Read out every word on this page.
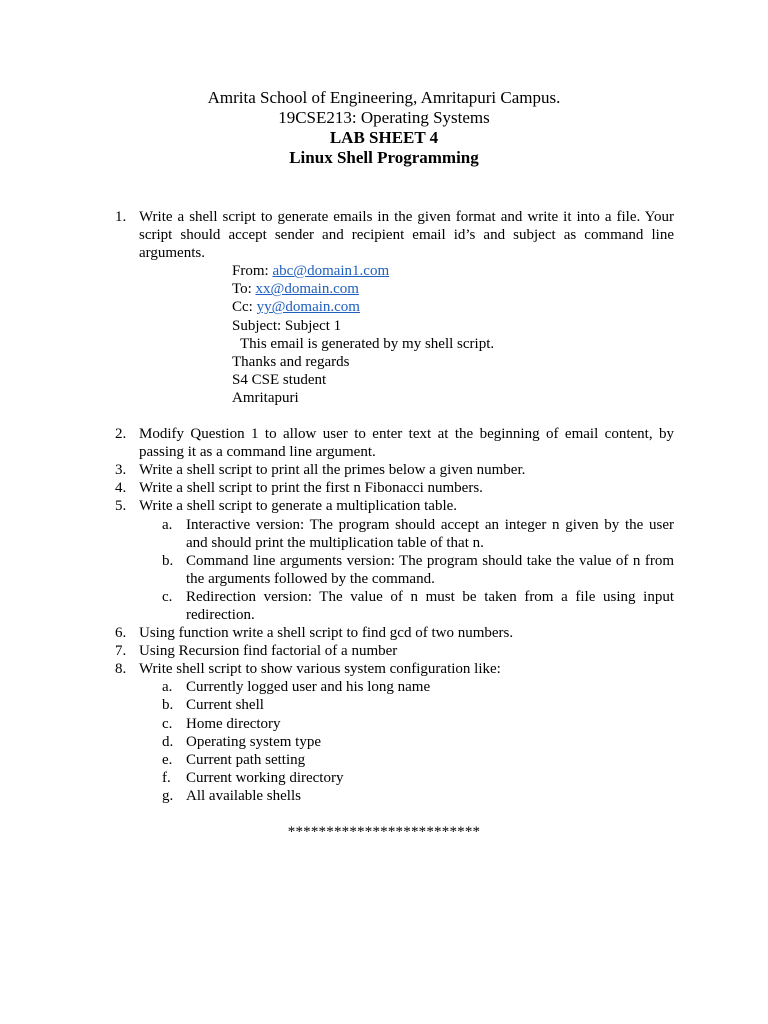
Amrita School of Engineering, Amritapuri Campus.
19CSE213: Operating Systems
LAB SHEET 4
Linux Shell Programming
1. Write a shell script to generate emails in the given format and write it into a file. Your script should accept sender and recipient email id’s and subject as command line arguments.
From: abc@domain1.com
To: xx@domain.com
Cc: yy@domain.com
Subject: Subject 1
This email is generated by my shell script.
Thanks and regards
S4 CSE student
Amritapuri
2. Modify Question 1 to allow user to enter text at the beginning of email content, by passing it as a command line argument.
3. Write a shell script to print all the primes below a given number.
4. Write a shell script to print the first n Fibonacci numbers.
5. Write a shell script to generate a multiplication table.
a. Interactive version: The program should accept an integer n given by the user and should print the multiplication table of that n.
b. Command line arguments version: The program should take the value of n from the arguments followed by the command.
c. Redirection version: The value of n must be taken from a file using input redirection.
6. Using function write a shell script to find gcd of two numbers.
7. Using Recursion find factorial of a number
8. Write shell script to show various system configuration like:
a. Currently logged user and his long name
b. Current shell
c. Home directory
d. Operating system type
e. Current path setting
f. Current working directory
g. All available shells
*************************
